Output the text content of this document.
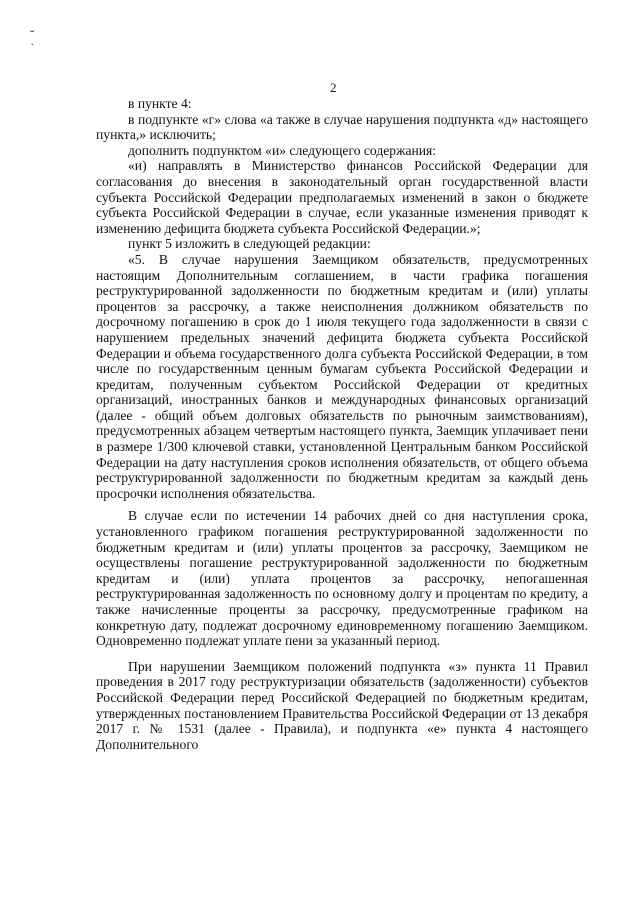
˘
˙
2

в пункте 4:

в подпункте «г» слова «а также в случае нарушения подпункта «д» настоящего пункта,» исключить;

дополнить подпунктом «и» следующего содержания:

«и) направлять в Министерство финансов Российской Федерации для согласования до внесения в законодательный орган государственной власти субъекта Российской Федерации предполагаемых изменений в закон о бюджете субъекта Российской Федерации в случае, если указанные изменения приводят к изменению дефицита бюджета субъекта Российской Федерации.»;

пункт 5 изложить в следующей редакции:

«5. В случае нарушения Заемщиком обязательств, предусмотренных настоящим Дополнительным соглашением, в части графика погашения реструктурированной задолженности по бюджетным кредитам и (или) уплаты процентов за рассрочку, а также неисполнения должником обязательств по досрочному погашению в срок до 1 июля текущего года задолженности в связи с нарушением предельных значений дефицита бюджета субъекта Российской Федерации и объема государственного долга субъекта Российской Федерации, в том числе по государственным ценным бумагам субъекта Российской Федерации и кредитам, полученным субъектом Российской Федерации от кредитных организаций, иностранных банков и международных финансовых организаций (далее - общий объем долговых обязательств по рыночным заимствованиям), предусмотренных абзацем четвертым настоящего пункта, Заемщик уплачивает пени в размере 1/300 ключевой ставки, установленной Центральным банком Российской Федерации на дату наступления сроков исполнения обязательств, от общего объема реструктурированной задолженности по бюджетным кредитам за каждый день просрочки исполнения обязательства.

В случае если по истечении 14 рабочих дней со дня наступления срока, установленного графиком погашения реструктурированной задолженности по бюджетным кредитам и (или) уплаты процентов за рассрочку, Заемщиком не осуществлены погашение реструктурированной задолженности по бюджетным кредитам и (или) уплата процентов за рассрочку, непогашенная реструктурированная задолженность по основному долгу и процентам по кредиту, а также начисленные проценты за рассрочку, предусмотренные графиком на конкретную дату, подлежат досрочному единовременному погашению Заемщиком. Одновременно подлежат уплате пени за указанный период.

При нарушении Заемщиком положений подпункта «з» пункта 11 Правил проведения в 2017 году реструктуризации обязательств (задолженности) субъектов Российской Федерации перед Российской Федерацией по бюджетным кредитам, утвержденных постановлением Правительства Российской Федерации от 13 декабря 2017 г. № 1531 (далее - Правила), и подпункта «е» пункта 4 настоящего Дополнительного
